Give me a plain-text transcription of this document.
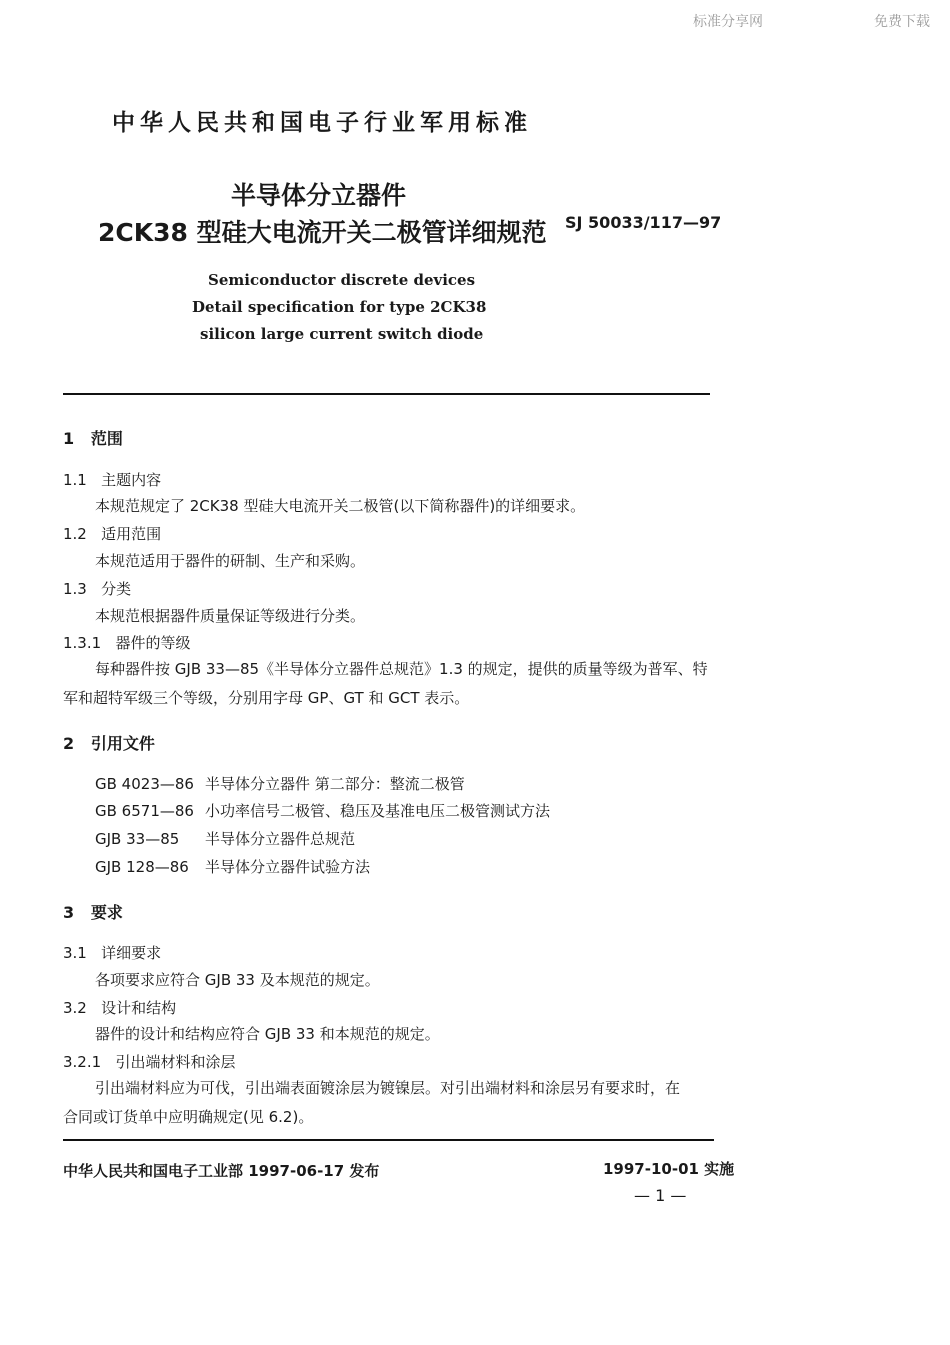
标准分享网	免费下载
中华人民共和国电子行业军用标准
半导体分立器件
2CK38 型硅大电流开关二极管详细规范 SJ 50033/117—97
Semiconductor discrete devices
Detail specification for type 2CK38
silicon large current switch diode
1 范围
1.1 主题内容
本规范规定了 2CK38 型硅大电流开关二极管(以下简称器件)的详细要求。
1.2 适用范围
本规范适用于器件的研制、生产和采购。
1.3 分类
本规范根据器件质量保证等级进行分类。
1.3.1 器件的等级
每种器件按 GJB 33—85《半导体分立器件总规范》1.3 的规定，提供的质量等级为普军、特
军和超特军级三个等级，分别用字母 GP、GT 和 GCT 表示。
2 引用文件
GB 4023—86 半导体分立器件 第二部分：整流二极管
GB 6571—86 小功率信号二极管、稳压及基准电压二极管测试方法
GJB 33—85 半导体分立器件总规范
GJB 128—86 半导体分立器件试验方法
3 要求
3.1 详细要求
各项要求应符合 GJB 33 及本规范的规定。
3.2 设计和结构
器件的设计和结构应符合 GJB 33 和本规范的规定。
3.2.1 引出端材料和涂层
引出端材料应为可伐，引出端表面镀涂层为镀镍层。对引出端材料和涂层另有要求时，在
合同或订货单中应明确规定(见 6.2)。
中华人民共和国电子工业部 1997-06-17 发布	1997-10-01 实施
— 1 —
